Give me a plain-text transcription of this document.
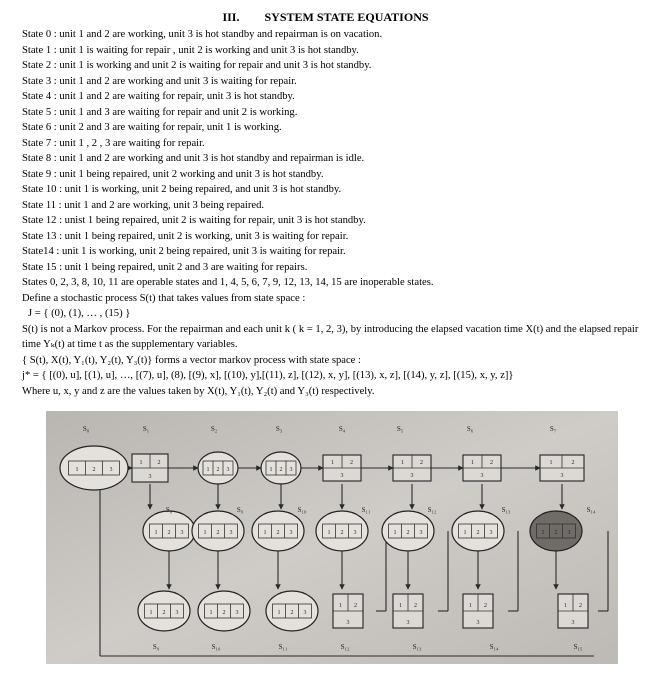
III. SYSTEM STATE EQUATIONS
State 0 : unit 1 and 2 are working, unit 3 is hot standby and repairman is on vacation.
State 1 : unit 1 is waiting for repair , unit 2 is working and unit 3 is hot standby.
State 2 : unit 1 is working and unit 2 is waiting for repair and unit 3 is hot standby.
State 3 : unit 1 and 2 are working and unit 3 is waiting for repair.
State 4 : unit 1 and 2 are waiting for repair, unit 3 is hot standby.
State 5 : unit 1 and 3 are waiting for repair and unit 2 is working.
State 6 : unit 2 and 3 are waiting for repair, unit 1 is working.
State 7 : unit 1 , 2 , 3 are waiting for repair.
State 8 : unit 1 and 2 are working and unit 3 is hot standby and repairman is idle.
State 9 : unit 1 being repaired, unit 2 working and unit 3 is hot standby.
State 10 : unit 1 is working, unit 2 being repaired, and unit 3 is hot standby.
State 11 : unit 1 and 2 are working, unit 3 being repaired.
State 12 : unist 1 being repaired, unit 2 is waiting for repair, unit 3 is hot standby.
State 13 : unit 1 being repaired, unit 2 is working, unit 3 is waiting for repair.
State14 : unit 1 is working, unit 2 being repaired, unit 3 is waiting for repair.
State 15 : unit 1 being repaired, unit 2 and 3 are waiting for repairs.
States 0, 2, 3, 8, 10, 11 are operable states and 1, 4, 5, 6, 7, 9, 12, 13, 14, 15 are inoperable states.
Define a stochastic process S(t) that takes values from state space :
J = { (0), (1), … , (15) }
S(t) is not a Markov process. For the repairman and each unit k ( k = 1, 2, 3), by introducing the elapsed vacation time X(t) and the elapsed repair time Yₖ(t) at time t as the supplementary variables.
{ S(t), X(t), Y₁(t), Y₂(t), Y₃(t)} forms a vector markov process with state space :
j* = { [(0), u], [(1), u], …, [(7), u], (8), [(9), x], [(10), y],[(11), z], [(12), x, y], [(13), x, z], [(14), y, z], [(15), x, y, z]}
Where u, x, y and z are the values taken by X(t), Y₁(t), Y₂(t) and Y₃(t) respectively.
1 2 3
1	2
3
1 2 3	1 2 3
1	2
3
1	2
3
1	2
3
1	2
3
1 2 3	1 2 3	1 2 3	1 2 3	1 2 3	1 2 3	1 2 3
1 2 3	1 2 3	1 2 3
1 2
3
1 2
3
1 2
3
1 2
3
S₀	S₁	S₂	S₃	S₄	S₅	S₆	S₇
S₈	S₉	S₁₀	S₁₁	S₁₂	S₁₃	S₁₄
S₉	S₁₀	S₁₁	S₁₂	S₁₃	S₁₄	S₁₅
